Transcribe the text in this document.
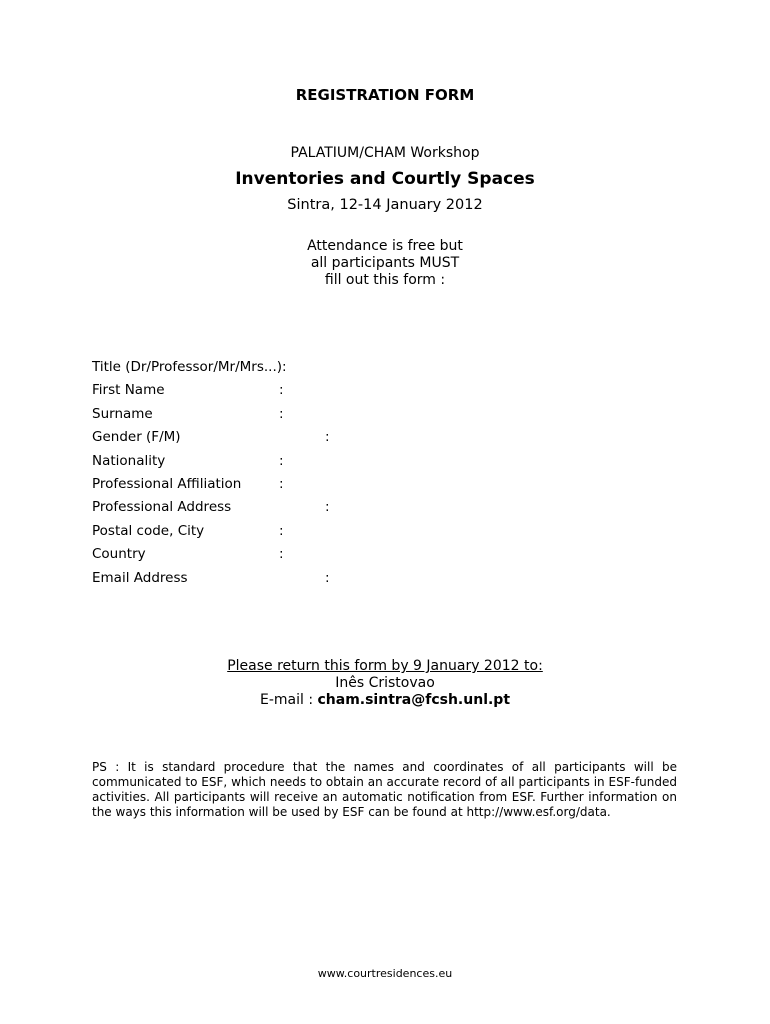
REGISTRATION FORM
PALATIUM/CHAM Workshop
Inventories and Courtly Spaces
Sintra, 12-14 January 2012
Attendance is free but
all participants MUST
fill out this form :
Title (Dr/Professor/Mr/Mrs...):
First Name	:
Surname	:
Gender (F/M)	:
Nationality	:
Professional Affiliation	:
Professional Address	:
Postal code, City	:
Country	:
Email Address	:
Please return this form by 9 January 2012 to:
Inês Cristovao
E-mail : cham.sintra@fcsh.unl.pt
PS : It is standard procedure that the names and coordinates of all participants will be communicated to ESF, which needs to obtain an accurate record of all participants in ESF-funded activities. All participants will receive an automatic notification from ESF. Further information on the ways this information will be used by ESF can be found at http://www.esf.org/data.
www.courtresidences.eu
